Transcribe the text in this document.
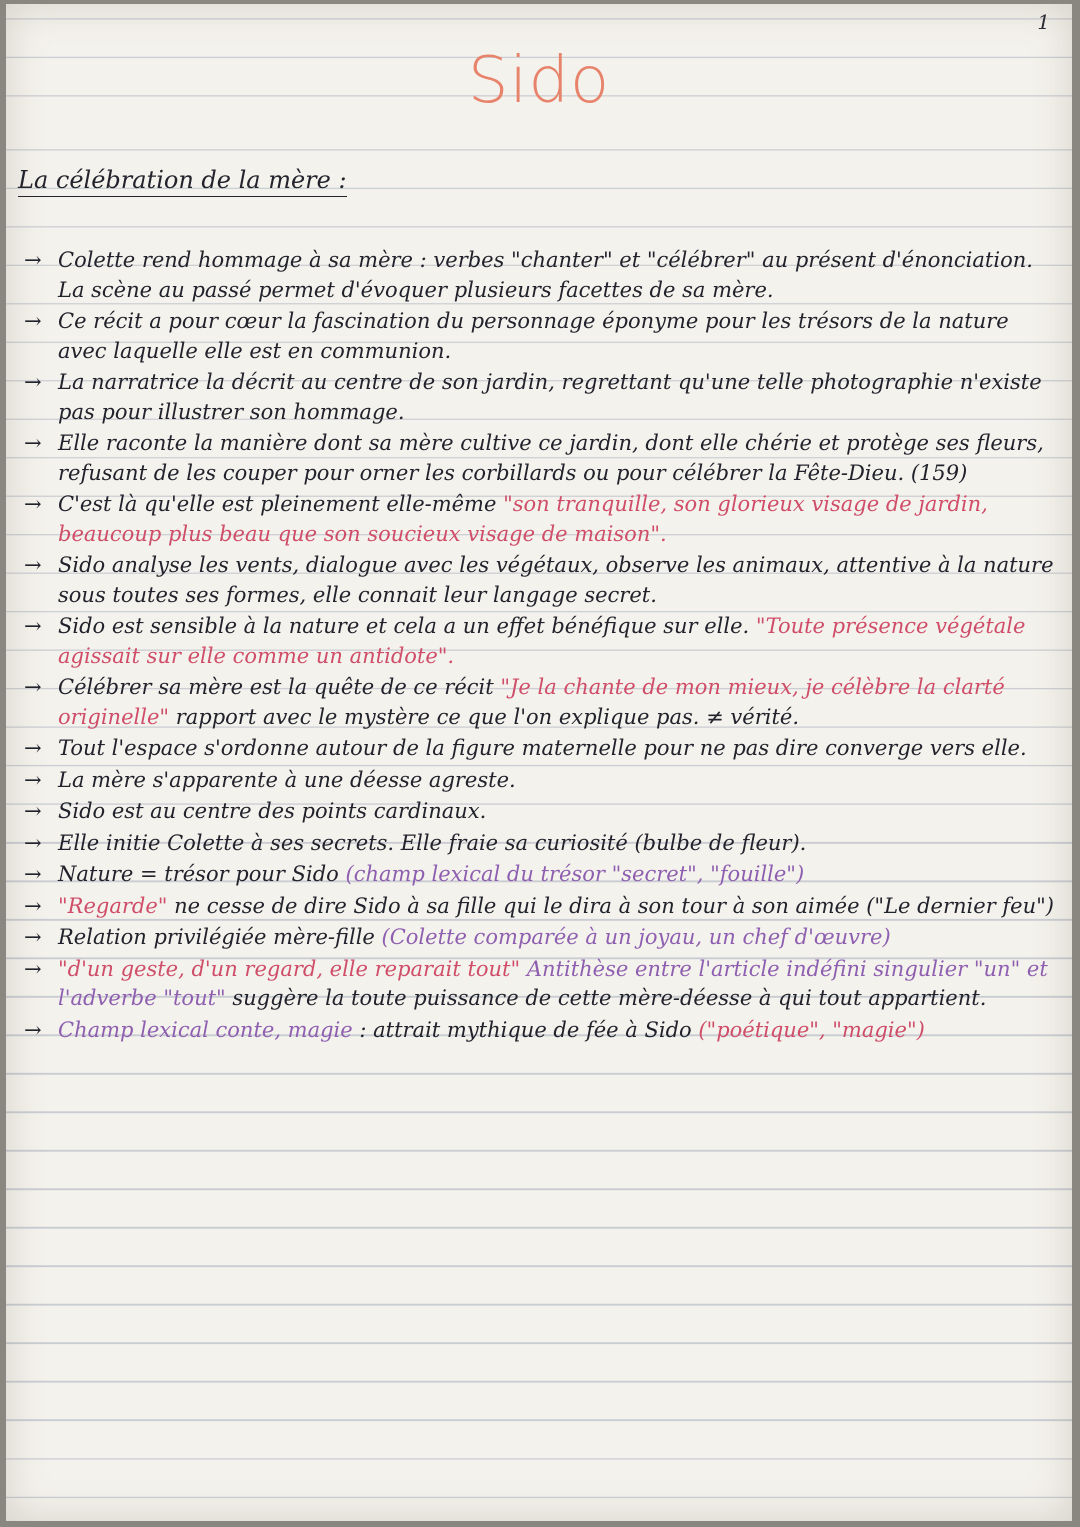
1
Sido
La célébration de la mère :
→ Colette rend hommage à sa mère : verbes "chanter" et "célébrer" au présent d'énonciation. La scène au passé permet d'évoquer plusieurs facettes de sa mère.
→ Ce récit a pour cœur la fascination du personnage éponyme pour les trésors de la nature avec laquelle elle est en communion.
→ La narratrice la décrit au centre de son jardin, regrettant qu'une telle photographie n'existe pas pour illustrer son hommage.
→ Elle raconte la manière dont sa mère cultive ce jardin, dont elle chérie et protège ses fleurs, refusant de les couper pour orner les corbillards ou pour célébrer la Fête-Dieu. (159)
→ C'est là qu'elle est pleinement elle-même "son tranquille, son glorieux visage de jardin, beaucoup plus beau que son soucieux visage de maison".
→ Sido analyse les vents, dialogue avec les végétaux, observe les animaux, attentive à la nature sous toutes ses formes, elle connait leur langage secret.
→ Sido est sensible à la nature et cela a un effet bénéfique sur elle. "Toute présence végétale agissait sur elle comme un antidote".
→ Célébrer sa mère est la quête de ce récit "Je la chante de mon mieux, je célèbre la clarté originelle" rapport avec le mystère ce que l'on explique pas. ≠ vérité.
→ Tout l'espace s'ordonne autour de la figure maternelle pour ne pas dire converge vers elle.
→ La mère s'apparente à une déesse agreste.
→ Sido est au centre des points cardinaux.
→ Elle initie Colette à ses secrets. Elle fraie sa curiosité (bulbe de fleur).
→ Nature = trésor pour Sido (champ lexical du trésor "secret", "fouille")
→ "Regarde" ne cesse de dire Sido à sa fille qui le dira à son tour à son aimée ("Le dernier feu")
→ Relation privilégiée mère-fille (Colette comparée à un joyau, un chef d'œuvre)
→ "d'un geste, d'un regard, elle reparait tout" Antithèse entre l'article indéfini singulier "un" et l'adverbe "tout" suggère la toute puissance de cette mère-déesse à qui tout appartient.
→ Champ lexical conte, magie : attrait mythique de fée à Sido ("poétique", "magie")
